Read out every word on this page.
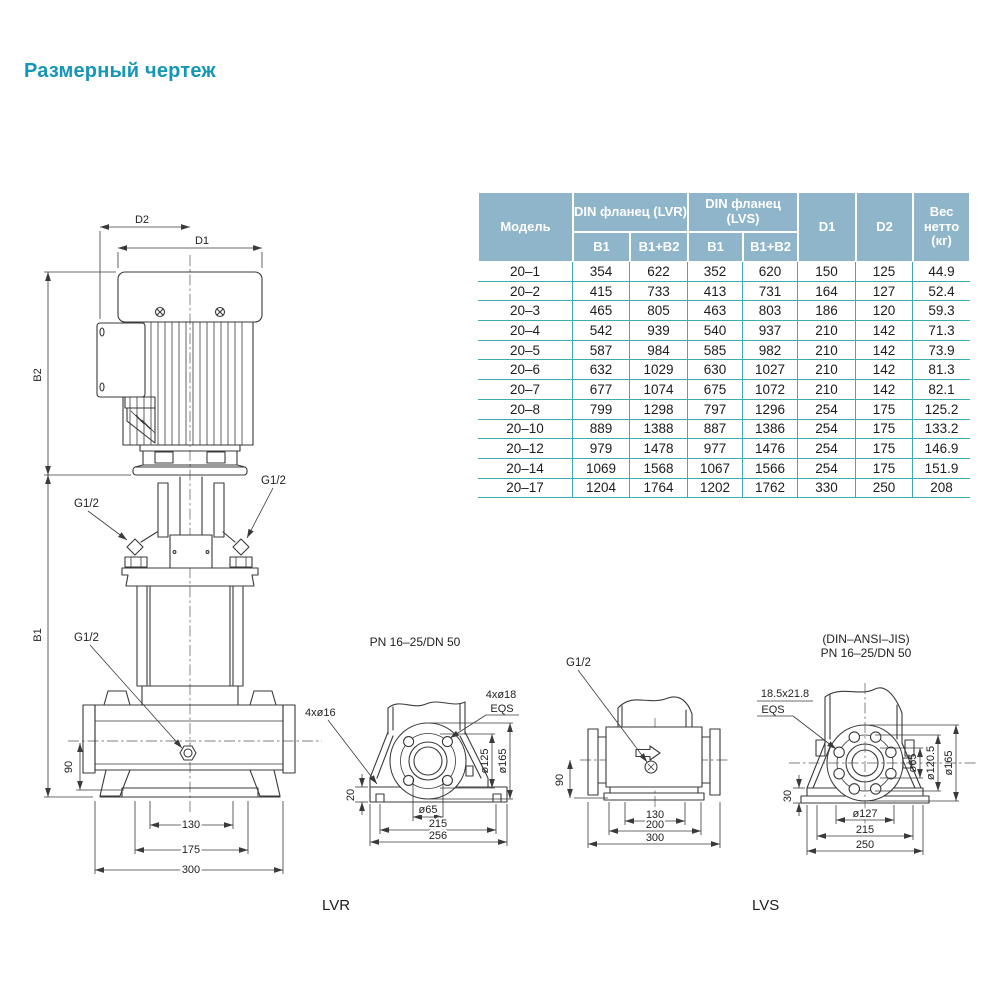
Размерный чертеж
Модель	DIN фланец (LVR)		DIN фланец (LVS)		D1	D2	Вес нетто (кг)
	B1	B1+B2	B1	B1+B2			
20–1	354	622	352	620	150	125	44.9
20–2	415	733	413	731	164	127	52.4
20–3	465	805	463	803	186	120	59.3
20–4	542	939	540	937	210	142	71.3
20–5	587	984	585	982	210	142	73.9
20–6	632	1029	630	1027	210	142	81.3
20–7	677	1074	675	1072	210	142	82.1
20–8	799	1298	797	1296	254	175	125.2
20–10	889	1388	887	1386	254	175	133.2
20–12	979	1478	977	1476	254	175	146.9
20–14	1069	1568	1067	1566	254	175	151.9
20–17	1204	1764	1202	1762	330	250	208
D2
D1
B2
B1
G1/2
G1/2
G1/2
90
130
175
300
PN 16–25/DN 50
4xø18
EQS
4xø16
20
ø65
215
256
ø125 ø165
G1/2
90
130
200
300
(DIN–ANSI–JIS)
PN 16–25/DN 50
18.5x21.8
EQS
30
ø65 ø120.5 ø165
ø127
215
250
LVR	LVS
